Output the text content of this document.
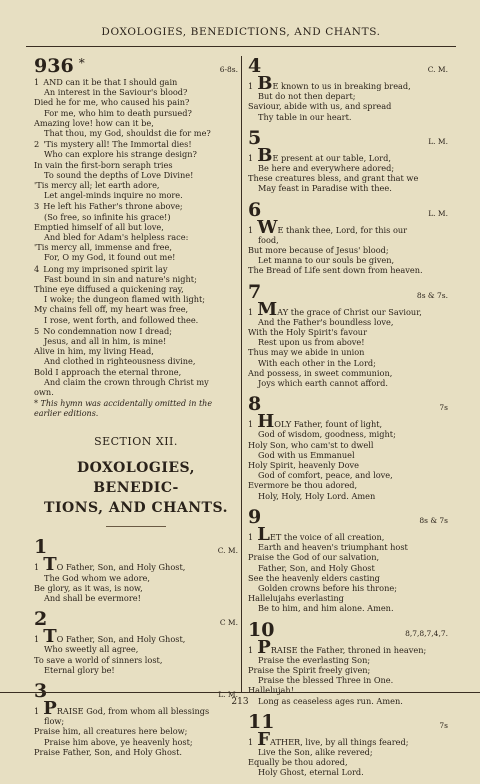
DOXOLOGIES, BENEDICTIONS, AND CHANTS.
936 *	6-8s.
1 AND can it be that I should gain
An interest in the Saviour's blood?
Died he for me, who caused his pain?
For me, who him to death pursued?
Amazing love! how can it be,
That thou, my God, shouldst die for me?
2 'Tis mystery all! The Immortal dies!
Who can explore his strange design?
In vain the first-born seraph tries
To sound the depths of Love Divine!
'Tis mercy all; let earth adore,
Let angel-minds inquire no more.
3 He left his Father's throne above;
(So free, so infinite his grace!)
Emptied himself of all but love,
And bled for Adam's helpless race:
'Tis mercy all, immense and free,
For, O my God, it found out me!
4 Long my imprisoned spirit lay
Fast bound in sin and nature's night;
Thine eye diffused a quickening ray,
I woke; the dungeon flamed with light;
My chains fell off, my heart was free,
I rose, went forth, and followed thee.
5 No condemnation now I dread;
Jesus, and all in him, is mine!
Alive in him, my living Head,
And clothed in righteousness divine,
Bold I approach the eternal throne,
And claim the crown through Christ my
own.
* This hymn was accidentally omitted in the earlier editions.
SECTION XII.
DOXOLOGIES, BENEDIC-
TIONS, AND CHANTS.
1	C. M.
1 TO Father, Son, and Holy Ghost,
The God whom we adore,
Be glory, as it was, is now,
And shall be evermore!
2	C M.
1 TO Father, Son, and Holy Ghost,
Who sweetly all agree,
To save a world of sinners lost,
Eternal glory be!
3	L. M.
1 PRAISE God, from whom all blessings
flow;
Praise him, all creatures here below;
Praise him above, ye heavenly host;
Praise Father, Son, and Holy Ghost.
4	C. M.
1 BE known to us in breaking bread,
But do not then depart;
Saviour, abide with us, and spread
Thy table in our heart.
5	L. M.
1 BE present at our table, Lord,
Be here and everywhere adored;
These creatures bless, and grant that we
May feast in Paradise with thee.
6	L. M.
1 WE thank thee, Lord, for this our
food,
But more because of Jesus' blood;
Let manna to our souls be given,
The Bread of Life sent down from heaven.
7	8s & 7s.
1 MAY the grace of Christ our Saviour,
And the Father's boundless love,
With the Holy Spirit's favour
Rest upon us from above!
Thus may we abide in union
With each other in the Lord;
And possess, in sweet communion,
Joys which earth cannot afford.
8	7s
1 HOLY Father, fount of light,
God of wisdom, goodness, might;
Holy Son, who cam'st to dwell
God with us Emmanuel
Holy Spirit, heavenly Dove
God of comfort, peace, and love,
Evermore be thou adored,
Holy, Holy, Holy Lord. Amen
9	8s & 7s
1 LET the voice of all creation,
Earth and heaven's triumphant host
Praise the God of our salvation,
Father, Son, and Holy Ghost
See the heavenly elders casting
Golden crowns before his throne;
Hallelujahs everlasting
Be to him, and him alone. Amen.
10	8,7,8,7,4,7.
1 PRAISE the Father, throned in heaven;
Praise the everlasting Son;
Praise the Spirit freely given;
Praise the blessed Three in One.
Hallelujah!
Long as ceaseless ages run. Amen.
11	7s
1 FATHER, live, by all things feared;
Live the Son, alike revered;
Equally be thou adored,
Holy Ghost, eternal Lord.
213
